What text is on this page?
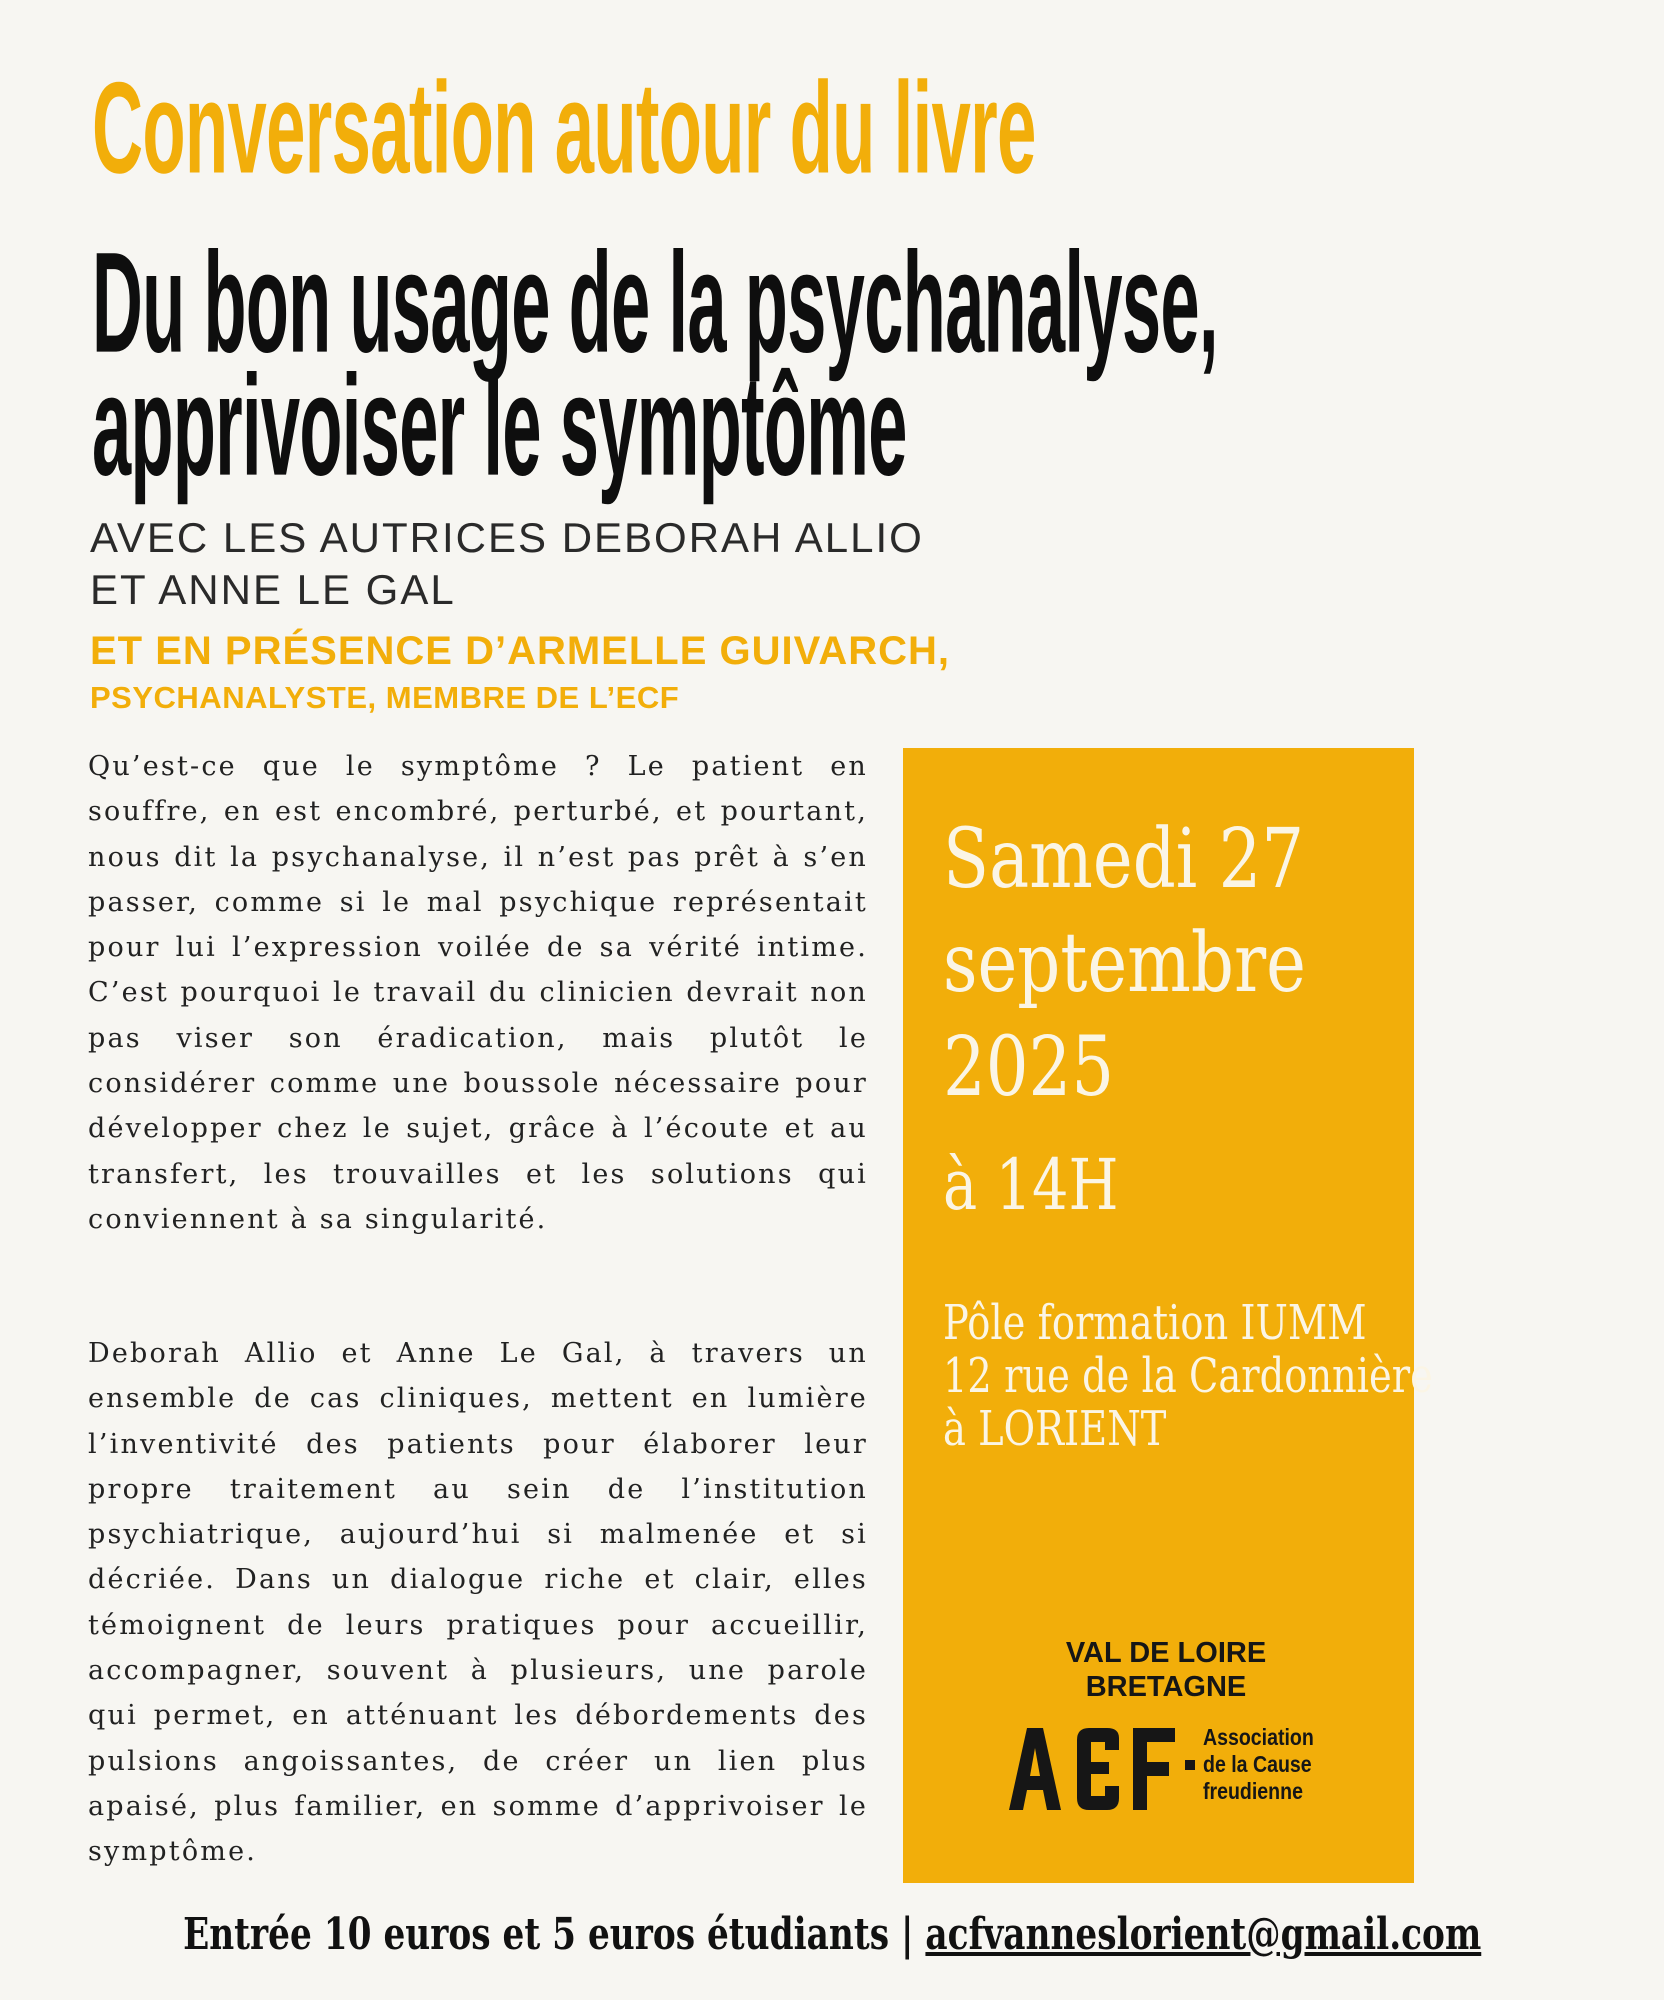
Conversation autour du livre
Du bon usage de la psychanalyse,
apprivoiser le symptôme
AVEC LES AUTRICES DEBORAH ALLIO
ET ANNE LE GAL
ET EN PRÉSENCE D’ARMELLE GUIVARCH,
PSYCHANALYSTE, MEMBRE DE L’ECF

Qu’est-ce que le symptôme ? Le patient en souffre, en est encombré, perturbé, et pourtant, nous dit la psychanalyse, il n’est pas prêt à s’en passer, comme si le mal psychique représentait pour lui l’expression voilée de sa vérité intime. C’est pourquoi le travail du clinicien devrait non pas viser son éradication, mais plutôt le considérer comme une boussole nécessaire pour développer chez le sujet, grâce à l’écoute et au transfert, les trouvailles et les solutions qui conviennent à sa singularité.

Deborah Allio et Anne Le Gal, à travers un ensemble de cas cliniques, mettent en lumière l’inventivité des patients pour élaborer leur propre traitement au sein de l’institution psychiatrique, aujourd’hui si malmenée et si décriée. Dans un dialogue riche et clair, elles témoignent de leurs pratiques pour accueillir, accompagner, souvent à plusieurs, une parole qui permet, en atténuant les débordements des pulsions angoissantes, de créer un lien plus apaisé, plus familier, en somme d’apprivoiser le symptôme.

Samedi 27
septembre
2025
à 14H
Pôle formation IUMM
12 rue de la Cardonnière
à LORIENT
VAL DE LOIRE
BRETAGNE
Association
de la Cause
freudienne
Entrée 10 euros et 5 euros étudiants | acfvanneslorient@gmail.com
